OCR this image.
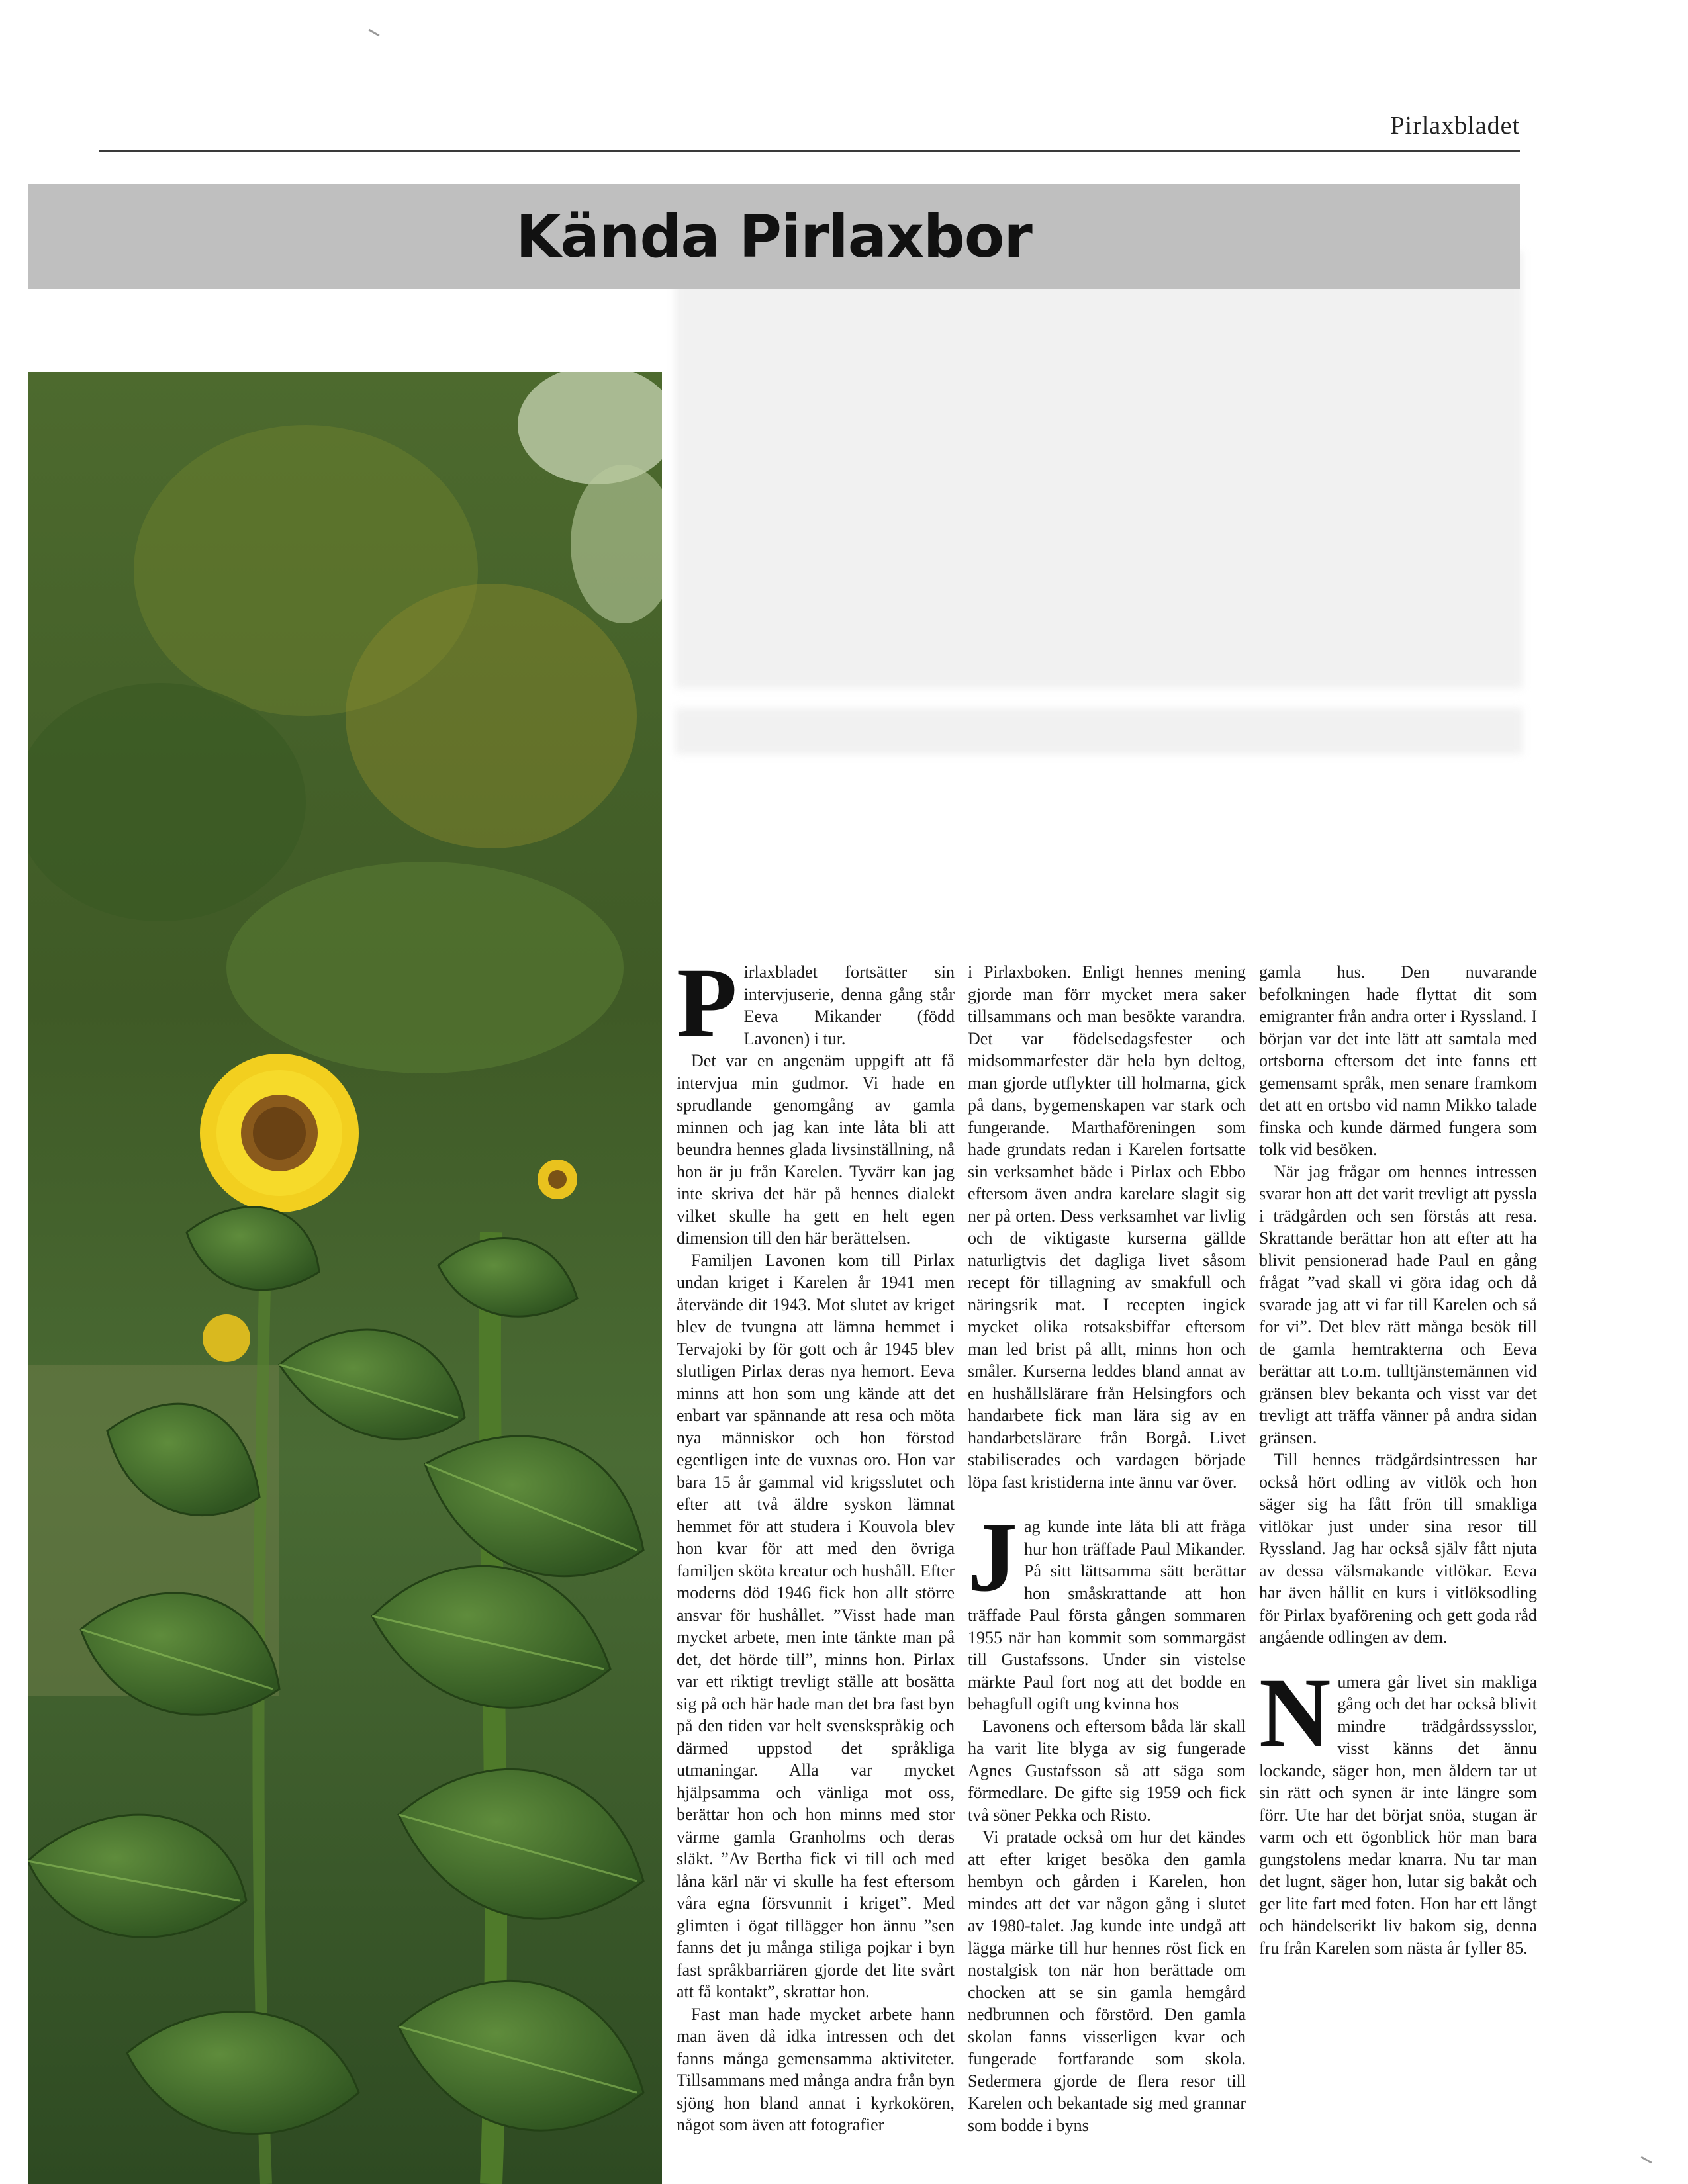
Pirlaxbladet
Kända Pirlaxbor

Pirlaxbladet fortsätter sin intervjuserie, denna gång står Eeva Mikander (född Lavonen) i tur.

Det var en angenäm uppgift att få intervjua min gudmor. Vi hade en sprudlande genomgång av gamla minnen och jag kan inte låta bli att beundra hennes glada livsinställning, nå hon är ju från Karelen. Tyvärr kan jag inte skriva det här på hennes dialekt vilket skulle ha gett en helt egen dimension till den här berättelsen.

Familjen Lavonen kom till Pirlax undan kriget i Karelen år 1941 men återvände dit 1943. Mot slutet av kriget blev de tvungna att lämna hemmet i Tervajoki by för gott och år 1945 blev slutligen Pirlax deras nya hemort. Eeva minns att hon som ung kände att det enbart var spännande att resa och möta nya människor och hon förstod egentligen inte de vuxnas oro. Hon var bara 15 år gammal vid krigsslutet och efter att två äldre syskon lämnat hemmet för att studera i Kouvola blev hon kvar för att med den övriga familjen sköta kreatur och hushåll. Efter moderns död 1946 fick hon allt större ansvar för hushållet. ”Visst hade man mycket arbete, men inte tänkte man på det, det hörde till”, minns hon. Pirlax var ett riktigt trevligt ställe att bosätta sig på och här hade man det bra fast byn på den tiden var helt svenskspråkig och därmed uppstod det språkliga utmaningar. Alla var mycket hjälpsamma och vänliga mot oss, berättar hon och hon minns med stor värme gamla Granholms och deras släkt. ”Av Bertha fick vi till och med låna kärl när vi skulle ha fest eftersom våra egna försvunnit i kriget”. Med glimten i ögat tillägger hon ännu ”sen fanns det ju många stiliga pojkar i byn fast språkbarriären gjorde det lite svårt att få kontakt”, skrattar hon.

Fast man hade mycket arbete hann man även då idka intressen och det fanns många gemensamma aktiviteter. Tillsammans med många andra från byn sjöng hon bland annat i kyrkokören, något som även att fotografier

i Pirlaxboken. Enligt hennes mening gjorde man förr mycket mera saker tillsammans och man besökte varandra. Det var födelsedagsfester och midsommarfester där hela byn deltog, man gjorde utflykter till holmarna, gick på dans, bygemenskapen var stark och fungerande. Marthaföreningen som hade grundats redan i Karelen fortsatte sin verksamhet både i Pirlax och Ebbo eftersom även andra karelare slagit sig ner på orten. Dess verksamhet var livlig och de viktigaste kurserna gällde naturligtvis det dagliga livet såsom recept för tillagning av smakfull och näringsrik mat. I recepten ingick mycket olika rotsaksbiffar eftersom man led brist på allt, minns hon och småler. Kurserna leddes bland annat av en hushållslärare från Helsingfors och handarbete fick man lära sig av en handarbetslärare från Borgå. Livet stabiliserades och vardagen började löpa fast kristiderna inte ännu var över.

Jag kunde inte låta bli att fråga hur hon träffade Paul Mikander. På sitt lättsamma sätt berättar hon småskrattande att hon träffade Paul första gången sommaren 1955 när han kommit som sommargäst till Gustafssons. Under sin vistelse märkte Paul fort nog att det bodde en behagfull ogift ung kvinna hos

Lavonens och eftersom båda lär skall ha varit lite blyga av sig fungerade Agnes Gustafsson så att säga som förmedlare. De gifte sig 1959 och fick två söner Pekka och Risto.

Vi pratade också om hur det kändes att efter kriget besöka den gamla hembyn och gården i Karelen, hon mindes att det var någon gång i slutet av 1980-talet. Jag kunde inte undgå att lägga märke till hur hennes röst fick en nostalgisk ton när hon berättade om chocken att se sin gamla hemgård nedbrunnen och förstörd. Den gamla skolan fanns visserligen kvar och fungerade fortfarande som skola. Sedermera gjorde de flera resor till Karelen och bekantade sig med grannar som bodde i byns

gamla hus. Den nuvarande befolkningen hade flyttat dit som emigranter från andra orter i Ryssland. I början var det inte lätt att samtala med ortsborna eftersom det inte fanns ett gemensamt språk, men senare framkom det att en ortsbo vid namn Mikko talade finska och kunde därmed fungera som tolk vid besöken.

När jag frågar om hennes intressen svarar hon att det varit trevligt att pyssla i trädgården och sen förstås att resa. Skrattande berättar hon att efter att ha blivit pensionerad hade Paul en gång frågat ”vad skall vi göra idag och då svarade jag att vi far till Karelen och så for vi”. Det blev rätt många besök till de gamla hemtrakterna och Eeva berättar att t.o.m. tulltjänstemännen vid gränsen blev bekanta och visst var det trevligt att träffa vänner på andra sidan gränsen.

Till hennes trädgårdsintressen har också hört odling av vitlök och hon säger sig ha fått frön till smakliga vitlökar just under sina resor till Ryssland. Jag har också själv fått njuta av dessa välsmakande vitlökar. Eeva har även hållit en kurs i vitlöksodling för Pirlax byaförening och gett goda råd angående odlingen av dem.

Numera går livet sin makliga gång och det har också blivit mindre trädgårdssysslor, visst känns det ännu lockande, säger hon, men åldern tar ut sin rätt och synen är inte längre som förr. Ute har det börjat snöa, stugan är varm och ett ögonblick hör man bara gungstolens medar knarra. Nu tar man det lugnt, säger hon, lutar sig bakåt och ger lite fart med foten. Hon har ett långt och händelserikt liv bakom sig, denna fru från Karelen som nästa år fyller 85.
